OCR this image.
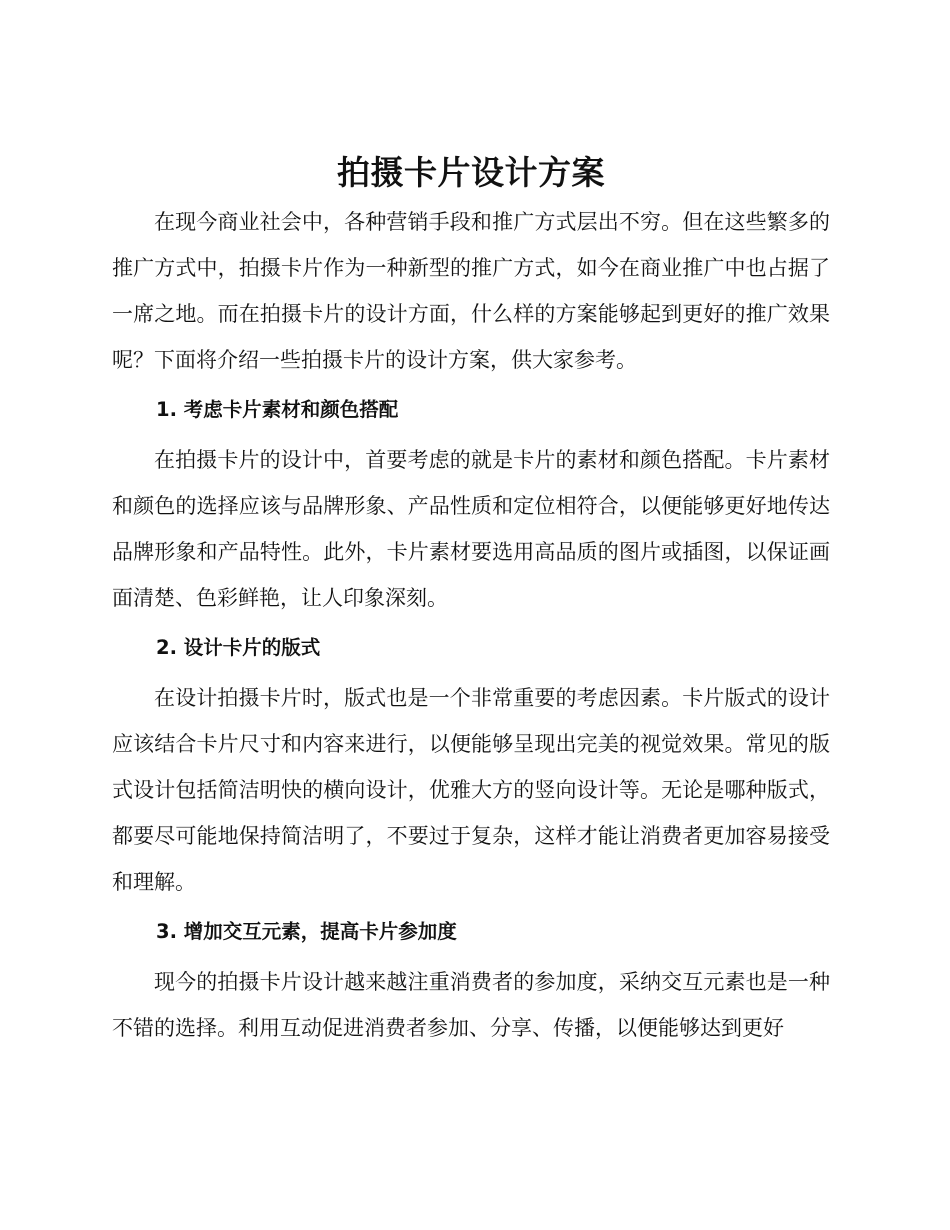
拍摄卡片设计方案

在现今商业社会中，各种营销手段和推广方式层出不穷。但在这些繁多的推广方式中，拍摄卡片作为一种新型的推广方式，如今在商业推广中也占据了一席之地。而在拍摄卡片的设计方面，什么样的方案能够起到更好的推广效果呢？下面将介绍一些拍摄卡片的设计方案，供大家参考。

1. 考虑卡片素材和颜色搭配

在拍摄卡片的设计中，首要考虑的就是卡片的素材和颜色搭配。卡片素材和颜色的选择应该与品牌形象、产品性质和定位相符合，以便能够更好地传达品牌形象和产品特性。此外，卡片素材要选用高品质的图片或插图，以保证画面清楚、色彩鲜艳，让人印象深刻。

2. 设计卡片的版式

在设计拍摄卡片时，版式也是一个非常重要的考虑因素。卡片版式的设计应该结合卡片尺寸和内容来进行，以便能够呈现出完美的视觉效果。常见的版式设计包括简洁明快的横向设计，优雅大方的竖向设计等。无论是哪种版式，都要尽可能地保持简洁明了，不要过于复杂，这样才能让消费者更加容易接受和理解。

3. 增加交互元素，提高卡片参加度

现今的拍摄卡片设计越来越注重消费者的参加度，采纳交互元素也是一种不错的选择。利用互动促进消费者参加、分享、传播，以便能够达到更好
